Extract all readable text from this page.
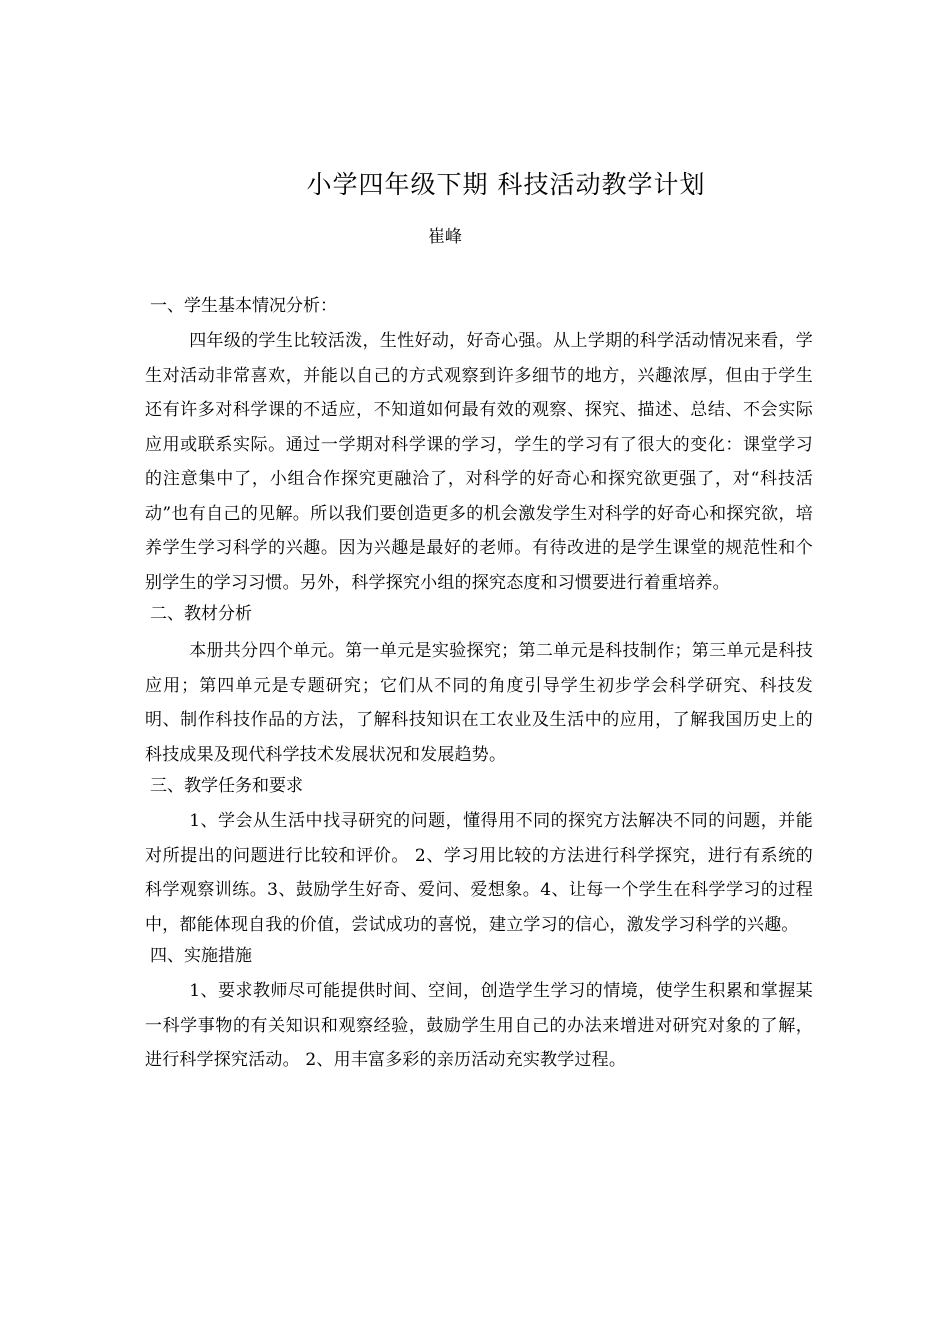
小学四年级下期 科技活动教学计划
崔峰
一、学生基本情况分析：

四年级的学生比较活泼，生性好动，好奇心强。从上学期的科学活动情况来看，学生对活动非常喜欢，并能以自己的方式观察到许多细节的地方，兴趣浓厚，但由于学生还有许多对科学课的不适应，不知道如何最有效的观察、探究、描述、总结、不会实际应用或联系实际。通过一学期对科学课的学习，学生的学习有了很大的变化：课堂学习的注意集中了，小组合作探究更融洽了，对科学的好奇心和探究欲更强了，对“科技活动”也有自己的见解。所以我们要创造更多的机会激发学生对科学的好奇心和探究欲，培养学生学习科学的兴趣。因为兴趣是最好的老师。有待改进的是学生课堂的规范性和个别学生的学习习惯。另外，科学探究小组的探究态度和习惯要进行着重培养。

二、教材分析

本册共分四个单元。第一单元是实验探究；第二单元是科技制作；第三单元是科技应用；第四单元是专题研究；它们从不同的角度引导学生初步学会科学研究、科技发明、制作科技作品的方法，了解科技知识在工农业及生活中的应用，了解我国历史上的科技成果及现代科学技术发展状况和发展趋势。

三、教学任务和要求

1、学会从生活中找寻研究的问题，懂得用不同的探究方法解决不同的问题，并能对所提出的问题进行比较和评价。 2、学习用比较的方法进行科学探究，进行有系统的科学观察训练。3、鼓励学生好奇、爱问、爱想象。4、让每一个学生在科学学习的过程中，都能体现自我的价值，尝试成功的喜悦，建立学习的信心，激发学习科学的兴趣。

四、实施措施

1、要求教师尽可能提供时间、空间，创造学生学习的情境，使学生积累和掌握某一科学事物的有关知识和观察经验，鼓励学生用自己的办法来增进对研究对象的了解，进行科学探究活动。 2、用丰富多彩的亲历活动充实教学过程。
